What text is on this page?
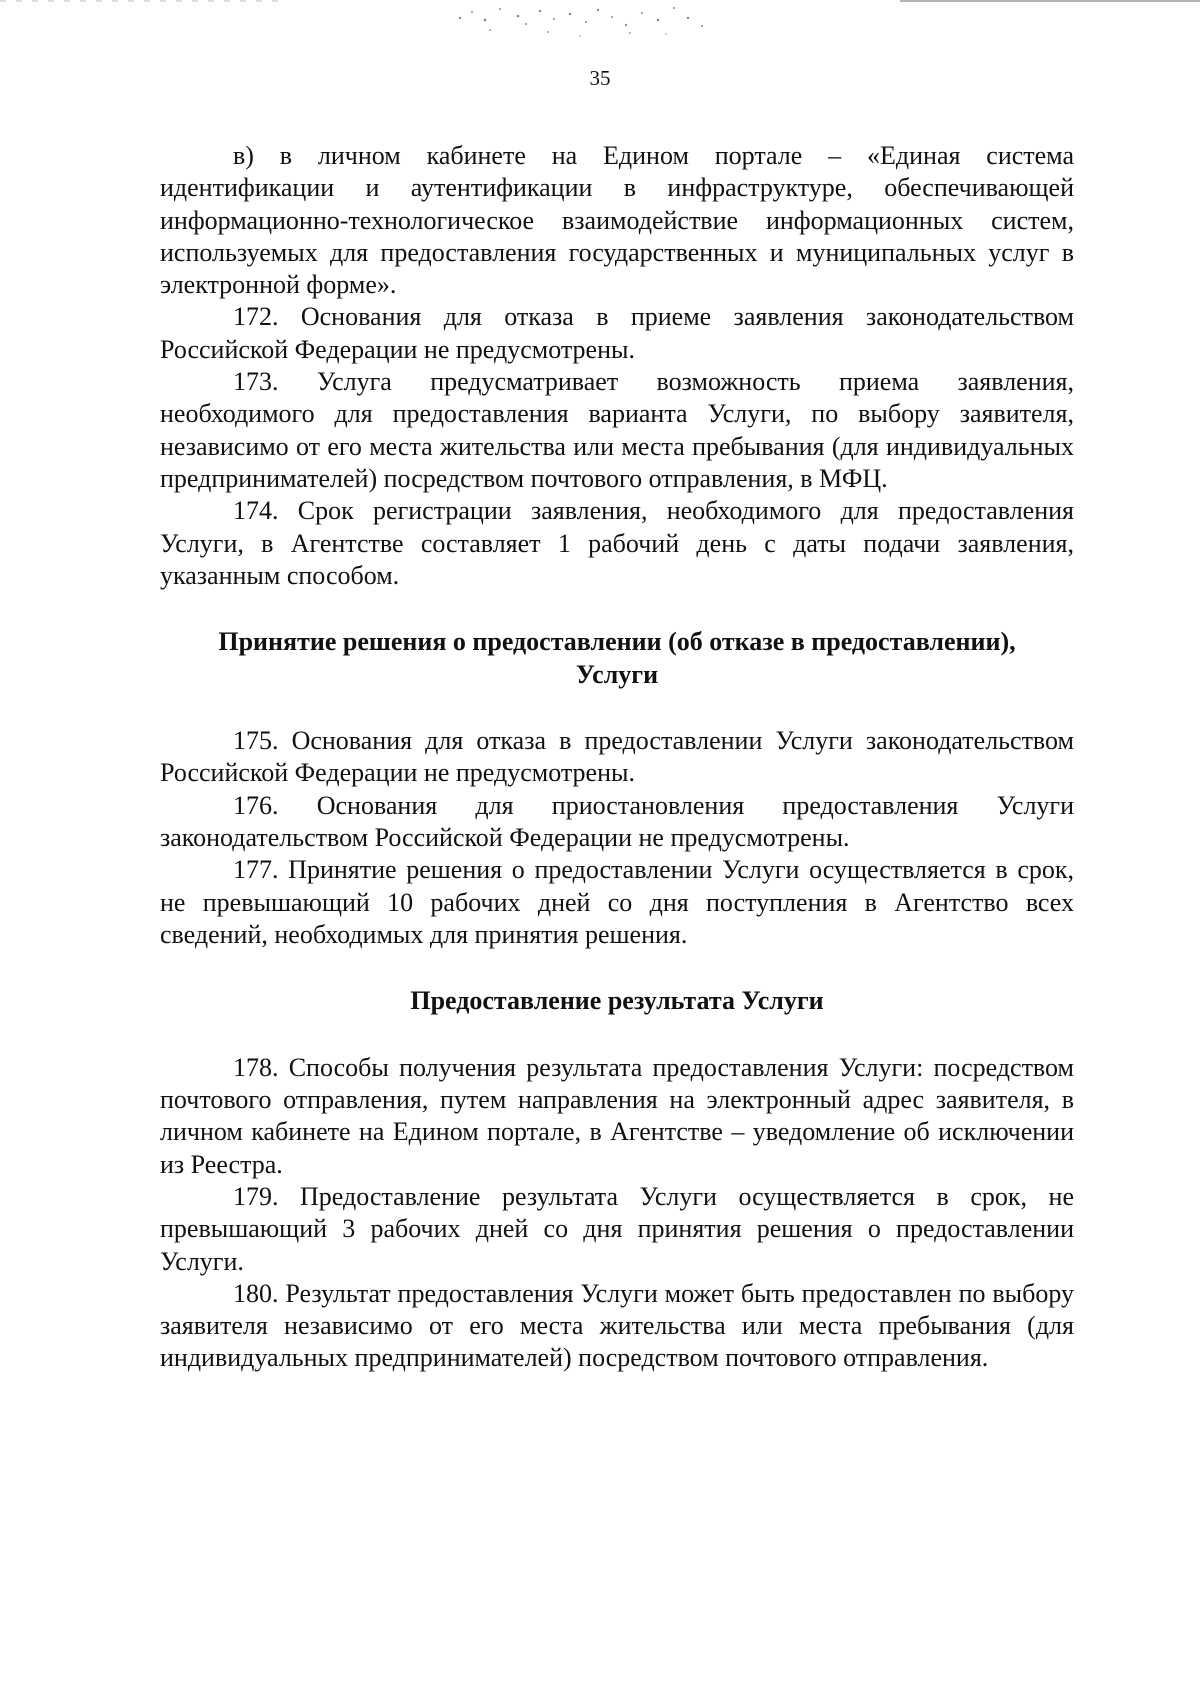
35

в) в личном кабинете на Едином портале – «Единая система идентификации и аутентификации в инфраструктуре, обеспечивающей информационно-технологическое взаимодействие информационных систем, используемых для предоставления государственных и муниципальных услуг в электронной форме».

172. Основания для отказа в приеме заявления законодательством Российской Федерации не предусмотрены.

173. Услуга предусматривает возможность приема заявления, необходимого для предоставления варианта Услуги, по выбору заявителя, независимо от его места жительства или места пребывания (для индивидуальных предпринимателей) посредством почтового отправления, в МФЦ.

174. Срок регистрации заявления, необходимого для предоставления Услуги, в Агентстве составляет 1 рабочий день с даты подачи заявления, указанным способом.

Принятие решения о предоставлении (об отказе в предоставлении),
Услуги

175. Основания для отказа в предоставлении Услуги законодательством Российской Федерации не предусмотрены.

176. Основания для приостановления предоставления Услуги законодательством Российской Федерации не предусмотрены.

177. Принятие решения о предоставлении Услуги осуществляется в срок, не превышающий 10 рабочих дней со дня поступления в Агентство всех сведений, необходимых для принятия решения.

Предоставление результата Услуги

178. Способы получения результата предоставления Услуги: посредством почтового отправления, путем направления на электронный адрес заявителя, в личном кабинете на Едином портале, в Агентстве – уведомление об исключении из Реестра.

179. Предоставление результата Услуги осуществляется в срок, не превышающий 3 рабочих дней со дня принятия решения о предоставлении Услуги.

180. Результат предоставления Услуги может быть предоставлен по выбору заявителя независимо от его места жительства или места пребывания (для индивидуальных предпринимателей) посредством почтового отправления.
